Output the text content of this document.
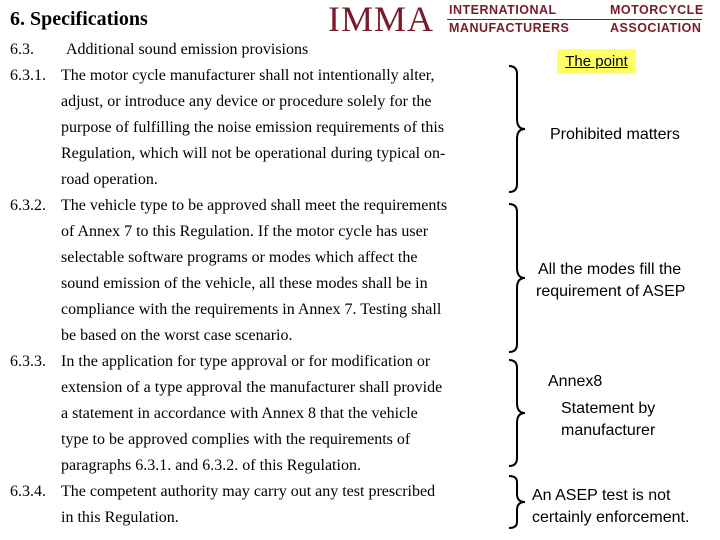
6. Specifications	IMMA INTERNATIONAL
MANUFACTURERS
MOTORCYCLE
ASSOCIATION
6.3. Additional sound emission provisions
6.3.1. The motor cycle manufacturer shall not intentionally alter,
adjust, or introduce any device or procedure solely for the
purpose of fulfilling the noise emission requirements of this
Regulation, which will not be operational during typical on-
road operation.
6.3.2. The vehicle type to be approved shall meet the requirements
of Annex 7 to this Regulation. If the motor cycle has user
selectable software programs or modes which affect the
sound emission of the vehicle, all these modes shall be in
compliance with the requirements in Annex 7. Testing shall
be based on the worst case scenario.
6.3.3. In the application for type approval or for modification or
extension of a type approval the manufacturer shall provide
a statement in accordance with Annex 8 that the vehicle
type to be approved complies with the requirements of
paragraphs 6.3.1. and 6.3.2. of this Regulation.
6.3.4. The competent authority may carry out any test prescribed
in this Regulation.
The point
Prohibited matters
All the modes fill the
requirement of ASEP
Annex8
Statement by
manufacturer
An ASEP test is not
certainly enforcement.
